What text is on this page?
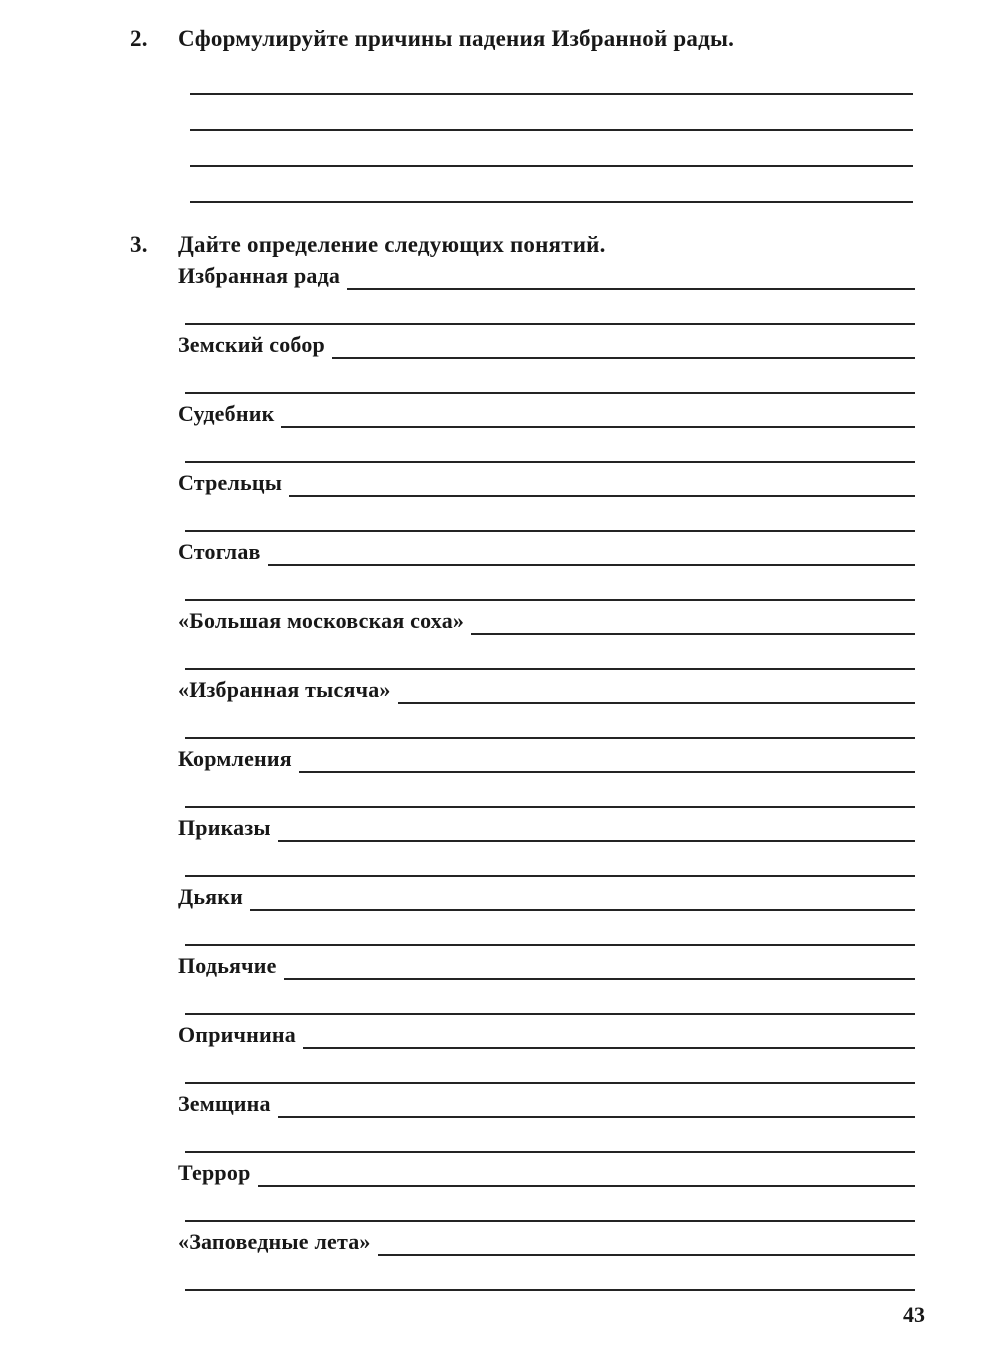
2.	Сформулируйте причины падения Избранной рады.
3.	Дайте определение следующих понятий.
Избранная рада
Земский собор
Судебник
Стрельцы
Стоглав
«Большая московская соха»
«Избранная тысяча»
Кормления
Приказы
Дьяки
Подьячие
Опричнина
Земщина
Террор
«Заповедные лета»
43
